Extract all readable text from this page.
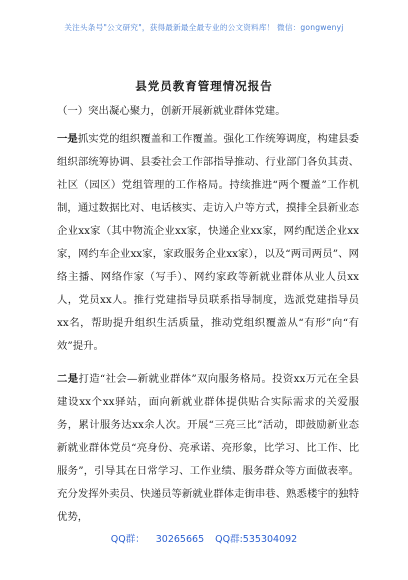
关注头条号"公文研究"，获得最新最全最专业的公文资料库！ 微信：gongwenyj
县党员教育管理情况报告
（一）突出凝心聚力，创新开展新就业群体党建。
一是抓实党的组织覆盖和工作覆盖。强化工作统筹调度，构建县委组织部统筹协调、县委社会工作部指导推动、行业部门各负其责、社区（园区）党组管理的工作格局。持续推进“两个覆盖”工作机制，通过数据比对、电话核实、走访入户等方式，摸排全县新业态企业xx家（其中物流企业xx家，快递企业xx家，网约配送企业xx家，网约车企业xx家，家政服务企业xx家），以及“两司两员”、网络主播、网络作家（写手）、网约家政等新就业群体从业人员xx人，党员xx人。推行党建指导员联系指导制度，选派党建指导员xx名，帮助提升组织生活质量，推动党组织覆盖从“有形”向“有效”提升。
二是打造“社会—新就业群体”双向服务格局。投资xx万元在全县建设xx个xx驿站，面向新就业群体提供贴合实际需求的关爱服务，累计服务达xx余人次。开展“三亮三比”活动，即鼓励新业态新就业群体党员“亮身份、亮承诺、亮形象，比学习、比工作、比服务”，引导其在日常学习、工作业绩、服务群众等方面做表率。充分发挥外卖员、快递员等新就业群体走街串巷、熟悉楼宇的独特优势，
QQ群： 30265665 QQ群:535304092
